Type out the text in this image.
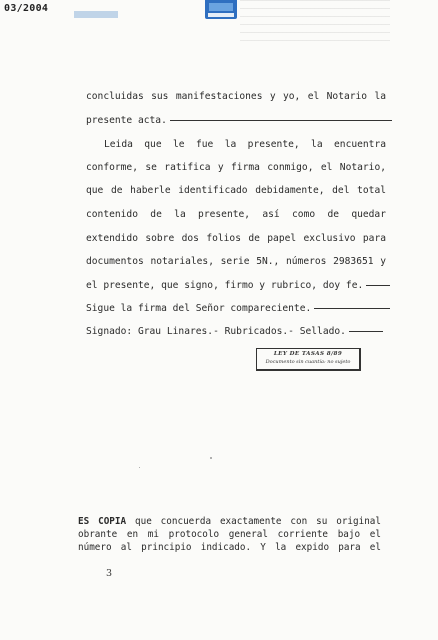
03/2004
concluidas sus manifestaciones y yo, el Notario la
presente acta.
Leida que le fue la presente, la encuentra
conforme, se ratifica y firma conmigo, el Notario,
que de haberle identificado debidamente, del total
contenido de la presente, así como de quedar
extendido sobre dos folios de papel exclusivo para
documentos notariales, serie 5N., números 2983651 y
el presente, que signo, firmo y rubrico, doy fe.
Sigue la firma del Señor compareciente.
Signado: Grau Linares.- Rubricados.- Sellado.
LEY DE TASAS 8/89
Documento sin cuantía: no sujeto
ES COPIA que concuerda exactamente con su original
obrante en mi protocolo general corriente bajo el
número al principio indicado. Y la expido para el
3
